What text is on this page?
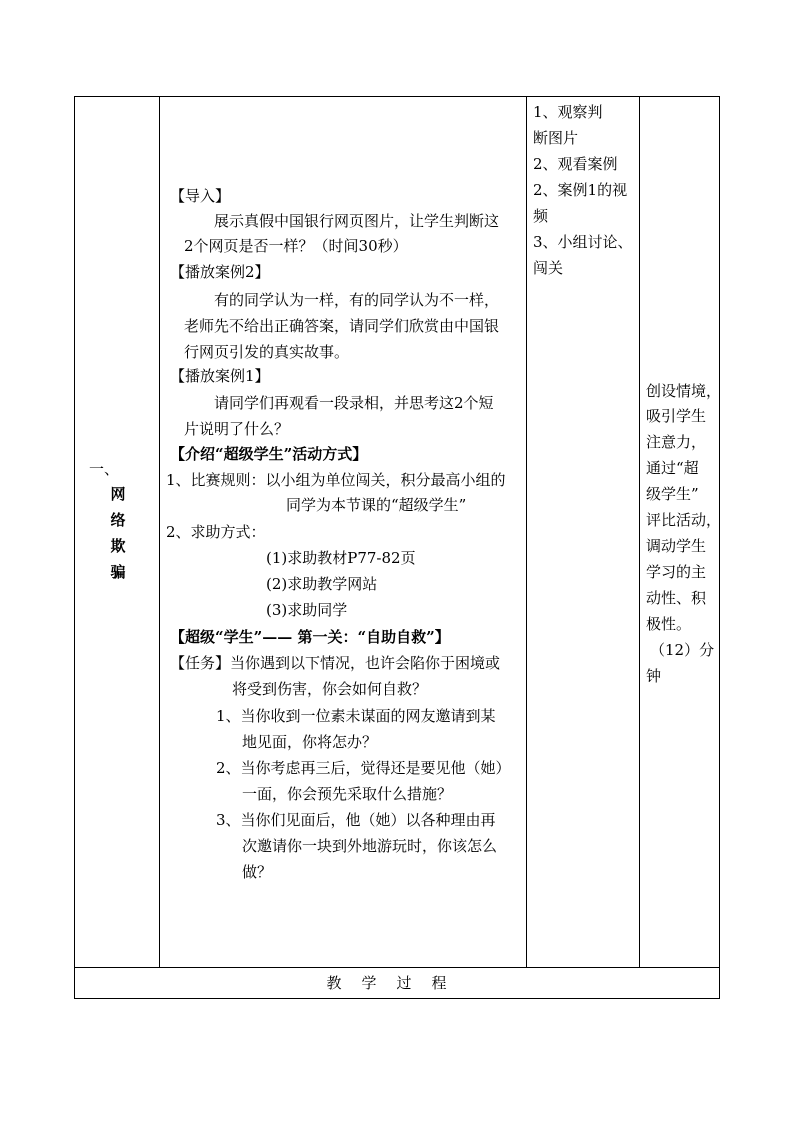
一、
网
络
欺
骗
【导入】
展示真假中国银行网页图片，让学生判断这
2个网页是否一样？（时间30秒）
【播放案例2】
有的同学认为一样，有的同学认为不一样，
老师先不给出正确答案，请同学们欣赏由中国银
行网页引发的真实故事。
【播放案例1】
请同学们再观看一段录相，并思考这2个短
片说明了什么？
【介绍“超级学生”活动方式】
1、比赛规则：以小组为单位闯关，积分最高小组的
同学为本节课的“超级学生”
2、求助方式：
(1)求助教材P77-82页
(2)求助教学网站
(3)求助同学
【超级“学生”—— 第一关：“自助自救”】
【任务】当你遇到以下情况，也许会陷你于困境或
将受到伤害，你会如何自救？
1、当你收到一位素未谋面的网友邀请到某
地见面，你将怎办？
2、当你考虑再三后，觉得还是要见他（她）
一面，你会预先采取什么措施？
3、当你们见面后，他（她）以各种理由再
次邀请你一块到外地游玩时，你该怎么
做？
1、观察判
断图片
2、观看案例
2、案例1的视
频
3、小组讨论、
闯关
创设情境，
吸引学生
注意力，
通过“超
级学生”
评比活动，
调动学生
学习的主
动性、积
极性。
（12）分
钟
教学过程
